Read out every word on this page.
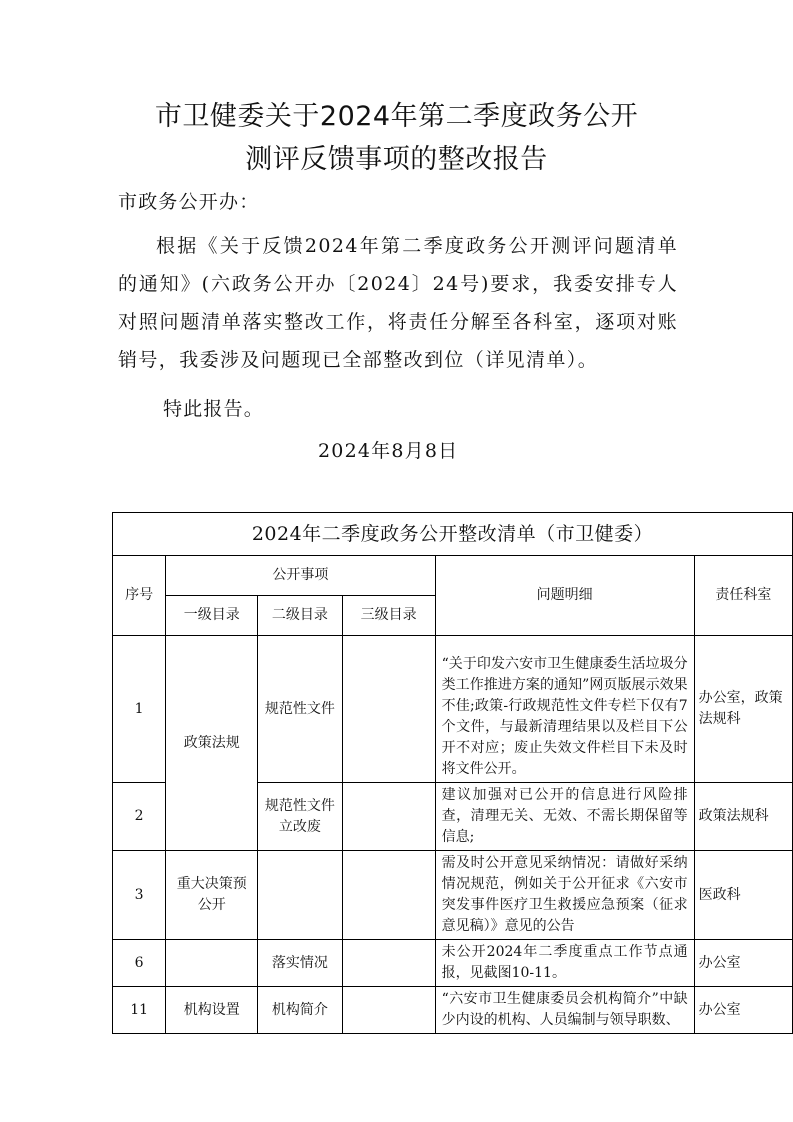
市卫健委关于2024年第二季度政务公开
测评反馈事项的整改报告

市政务公开办：

根据《关于反馈2024年第二季度政务公开测评问题清单的通知》(六政务公开办〔2024〕24号)要求，我委安排专人对照问题清单落实整改工作，将责任分解至各科室，逐项对账销号，我委涉及问题现已全部整改到位（详见清单）。

特此报告。

2024年8月8日
2024年二季度政务公开整改清单（市卫健委）					
序号	公开事项			问题明细	责任科室
	一级目录	二级目录	三级目录		
1	政策法规	规范性文件		“关于印发六安市卫生健康委生活垃圾分类工作推进方案的通知”网页版展示效果不佳;政策-行政规范性文件专栏下仅有7个文件，与最新清理结果以及栏目下公开不对应；废止失效文件栏目下未及时将文件公开。	办公室，政策法规科
2		规范性文件立改废		建议加强对已公开的信息进行风险排查，清理无关、无效、不需长期保留等信息;	政策法规科
3	重大决策预公开			需及时公开意见采纳情况：请做好采纳情况规范，例如关于公开征求《六安市突发事件医疗卫生救援应急预案（征求意见稿）》意见的公告	医政科
6		落实情况		未公开2024年二季度重点工作节点通报，见截图10-11。	办公室
11	机构设置	机构简介		“六安市卫生健康委员会机构简介”中缺少内设的机构、人员编制与领导职数、	办公室
